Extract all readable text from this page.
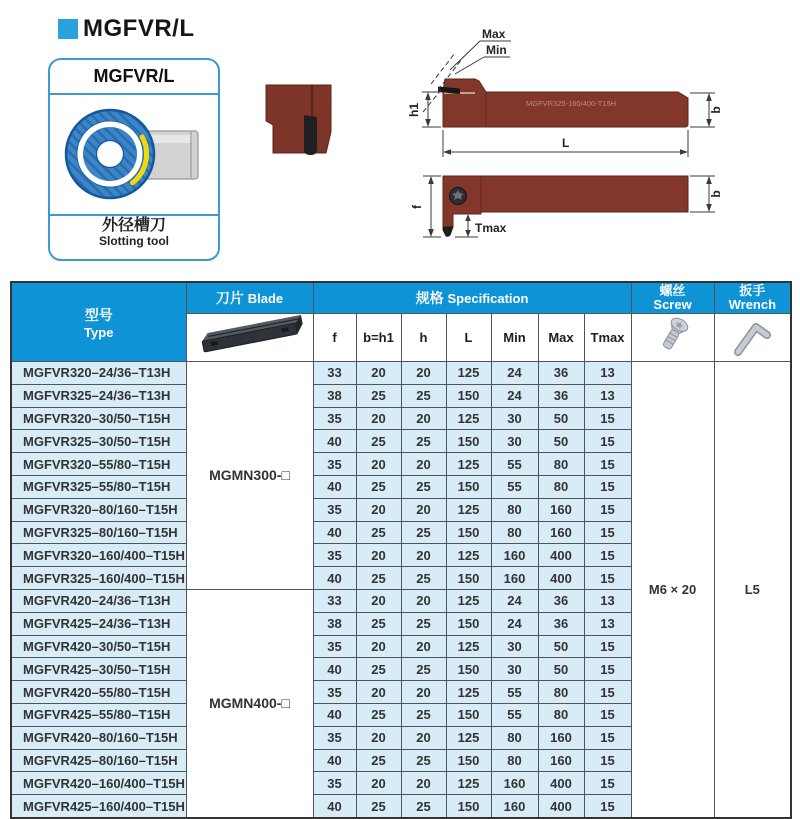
MGFVR/L
MGFVR/L
外径槽刀
Slotting tool
MGFVR325-160/400-T15H
Max
Min
h1
L
b
f
Tmax
b
型号
Type
	刀片 Blade	规格 Specification	
螺丝
Screw

扳手
Wrench

	f	b=h1	h	L	Min	Max	Tmax		
MGFVR320–24/36–T13H	MGMN300-□	33	20	20	125	24	36	13	M6 × 20	L5
MGFVR325–24/36–T13H		38	25	25	150	24	36	13		
MGFVR320–30/50–T15H		35	20	20	125	30	50	15		
MGFVR325–30/50–T15H		40	25	25	150	30	50	15		
MGFVR320–55/80–T15H		35	20	20	125	55	80	15		
MGFVR325–55/80–T15H		40	25	25	150	55	80	15		
MGFVR320–80/160–T15H		35	20	20	125	80	160	15		
MGFVR325–80/160–T15H		40	25	25	150	80	160	15		
MGFVR320–160/400–T15H		35	20	20	125	160	400	15		
MGFVR325–160/400–T15H		40	25	25	150	160	400	15		
MGFVR420–24/36–T13H	MGMN400-□	33	20	20	125	24	36	13		
MGFVR425–24/36–T13H		38	25	25	150	24	36	13		
MGFVR420–30/50–T15H		35	20	20	125	30	50	15		
MGFVR425–30/50–T15H		40	25	25	150	30	50	15		
MGFVR420–55/80–T15H		35	20	20	125	55	80	15		
MGFVR425–55/80–T15H		40	25	25	150	55	80	15		
MGFVR420–80/160–T15H		35	20	20	125	80	160	15		
MGFVR425–80/160–T15H		40	25	25	150	80	160	15		
MGFVR420–160/400–T15H		35	20	20	125	160	400	15		
MGFVR425–160/400–T15H		40	25	25	150	160	400	15		
